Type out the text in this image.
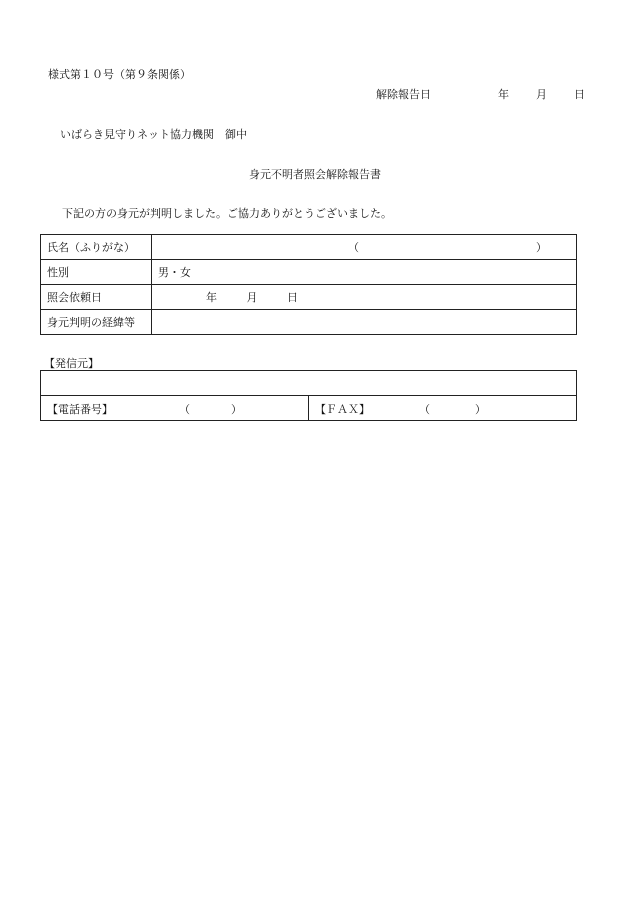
様式第１０号（第９条関係）
解除報告日	年 月 日
いばらき見守りネット協力機関　御中
身元不明者照会解除報告書
下記の方の身元が判明しました。ご協力ありがとうございました。
氏名（ふりがな）	（ ）

性別	男・女
照会依頼日	年 月 日
身元判明の経緯等	
【発信元】

【電話番号】	（	）	【ＦＡＸ】	（	）
